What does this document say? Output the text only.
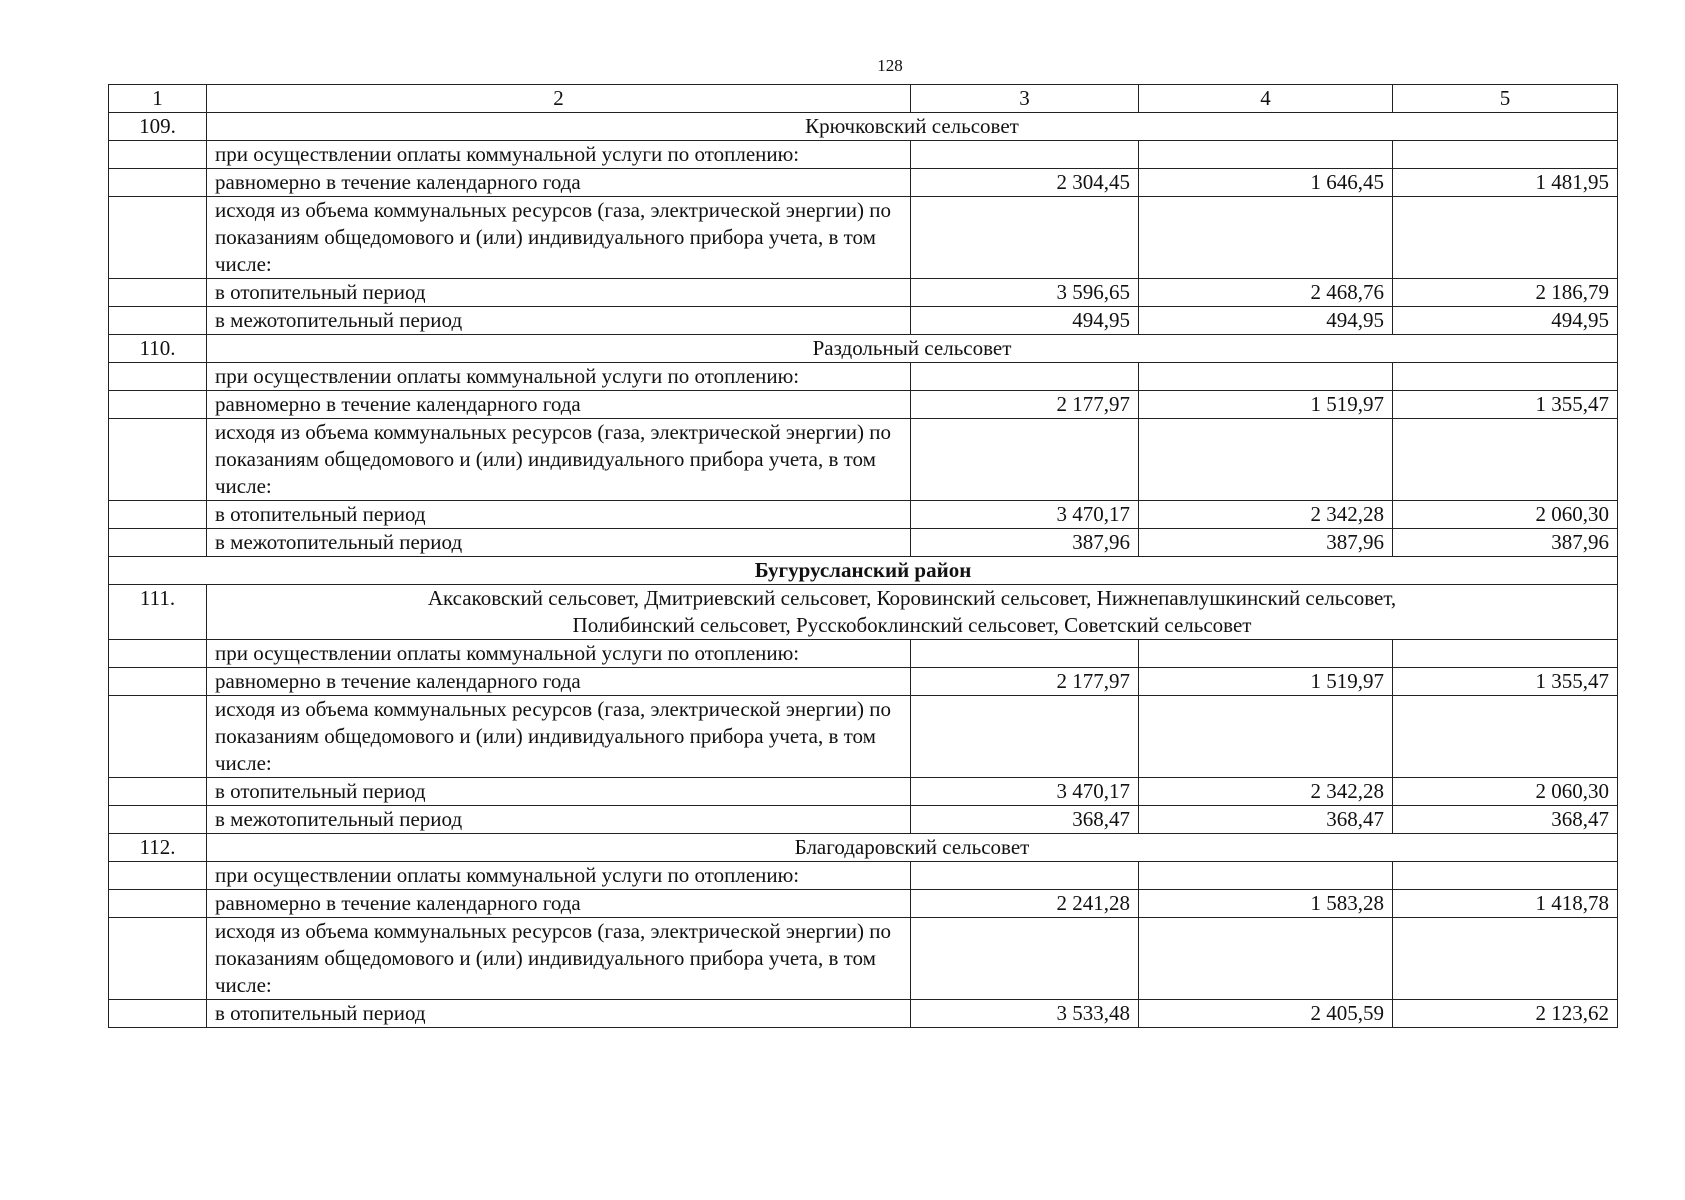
128
1	2	3	4	5
109.	Крючковский сельсовет			
	при осуществлении оплаты коммунальной услуги по отоплению:			
	равномерно в течение календарного года	2 304,45	1 646,45	1 481,95
	исходя из объема коммунальных ресурсов (газа, электрической энергии) по показаниям общедомового и (или) индивидуального прибора учета, в том числе:			
	в отопительный период	3 596,65	2 468,76	2 186,79
	в межотопительный период	494,95	494,95	494,95
110.	Раздольный сельсовет			
	при осуществлении оплаты коммунальной услуги по отоплению:			
	равномерно в течение календарного года	2 177,97	1 519,97	1 355,47
	исходя из объема коммунальных ресурсов (газа, электрической энергии) по показаниям общедомового и (или) индивидуального прибора учета, в том числе:			
	в отопительный период	3 470,17	2 342,28	2 060,30
	в межотопительный период	387,96	387,96	387,96
Бугурусланский район				
111.	Аксаковский сельсовет, Дмитриевский сельсовет, Коровинский сельсовет, Нижнепавлушкинский сельсовет,
Полибинский сельсовет, Русскобоклинский сельсовет, Советский сельсовет			

	при осуществлении оплаты коммунальной услуги по отоплению:			
	равномерно в течение календарного года	2 177,97	1 519,97	1 355,47
	исходя из объема коммунальных ресурсов (газа, электрической энергии) по показаниям общедомового и (или) индивидуального прибора учета, в том числе:			
	в отопительный период	3 470,17	2 342,28	2 060,30
	в межотопительный период	368,47	368,47	368,47
112.	Благодаровский сельсовет			
	при осуществлении оплаты коммунальной услуги по отоплению:			
	равномерно в течение календарного года	2 241,28	1 583,28	1 418,78
	исходя из объема коммунальных ресурсов (газа, электрической энергии) по показаниям общедомового и (или) индивидуального прибора учета, в том числе:			
	в отопительный период	3 533,48	2 405,59	2 123,62
